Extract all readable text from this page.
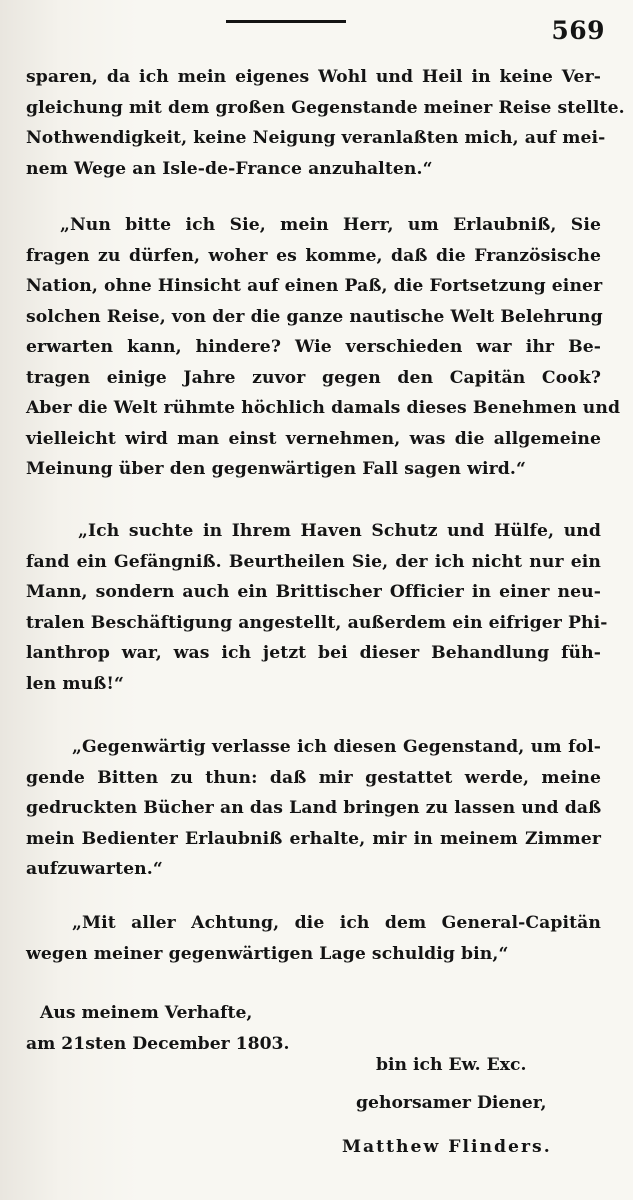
569
sparen, da ich mein eigenes Wohl und Heil in keine Ver-
gleichung mit dem großen Gegenstande meiner Reise stellte.
Nothwendigkeit, keine Neigung veranlaßten mich, auf mei-
nem Wege an Isle-de-France anzuhalten.“
„Nun bitte ich Sie, mein Herr, um Erlaubniß, Sie
fragen zu dürfen, woher es komme, daß die Französische
Nation, ohne Hinsicht auf einen Paß, die Fortsetzung einer
solchen Reise, von der die ganze nautische Welt Belehrung
erwarten kann, hindere? Wie verschieden war ihr Be-
tragen einige Jahre zuvor gegen den Capitän Cook?
Aber die Welt rühmte höchlich damals dieses Benehmen und
vielleicht wird man einst vernehmen, was die allgemeine
Meinung über den gegenwärtigen Fall sagen wird.“
„Ich suchte in Ihrem Haven Schutz und Hülfe, und
fand ein Gefängniß. Beurtheilen Sie, der ich nicht nur ein
Mann, sondern auch ein Brittischer Officier in einer neu-
tralen Beschäftigung angestellt, außerdem ein eifriger Phi-
lanthrop war, was ich jetzt bei dieser Behandlung füh-
len muß!“
„Gegenwärtig verlasse ich diesen Gegenstand, um fol-
gende Bitten zu thun: daß mir gestattet werde, meine
gedruckten Bücher an das Land bringen zu lassen und daß
mein Bedienter Erlaubniß erhalte, mir in meinem Zimmer
aufzuwarten.“
„Mit aller Achtung, die ich dem General-Capitän
wegen meiner gegenwärtigen Lage schuldig bin,“
Aus meinem Verhafte,
am 21sten December 1803.
bin ich Ew. Exc.
gehorsamer Diener,
Matthew Flinders.
